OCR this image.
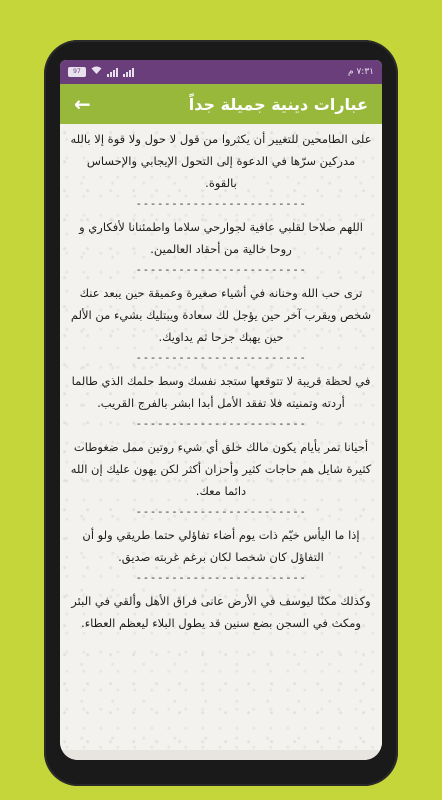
97	٧:٣١ م
←	عبارات دينية جميلة جداً
على الطامحين للتغيير أن يكثروا من قول لا حول ولا قوة إلا بالله مدركين سرّها في الدعوة إلى التحول الإيجابي والإحساس بالقوة.
------------------------
اللهم صلاحا لقلبي عافية لجوارحي سلاما واطمئنانا لأفكاري و روحا خالية من أحقاد العالمين.
------------------------
ترى حب الله وحنانه في أشياء صغيرة وعميقة حين يبعد عنك شخص ويقرب آخر حين يؤجل لك سعادة ويبتليك بشيء من الألم حين يهبك جرحا ثم يداويك.
------------------------
في لحظة قريبة لا تتوقعها ستجد نفسك وسط حلمك الذي طالما أردته وتمنيته فلا تفقد الأمل أبدا ابشر بالفرج القريب.
------------------------
أحيانا تمر بأيام يكون مالك خلق أي شيء روتين ممل ضغوطات كثيرة شايل هم حاجات كثير وأحزان أكثر لكن يهون عليك إن الله دائما معك.
------------------------
إذا ما اليأس خيّم ذات يوم أضاء تفاؤلي حتما طريقي ولو أن التفاؤل كان شخصا لكان برغم غربته صديق.
------------------------
وكذلك مكنّا ليوسف في الأرض عانى فراق الأهل وألقي في البئر ومكث في السجن بضع سنين قد يطول البلاء ليعظم العطاء.
